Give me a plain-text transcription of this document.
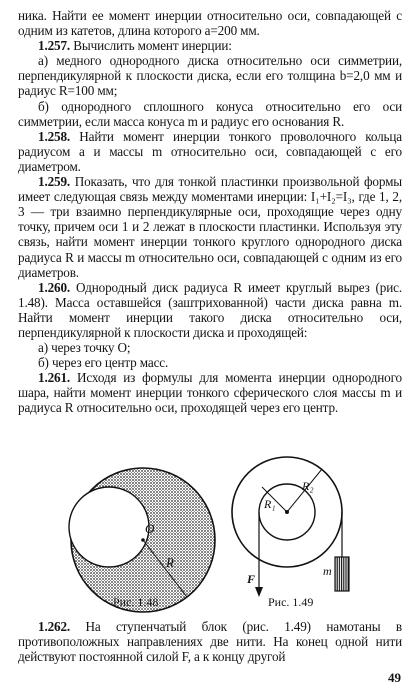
ника. Найти ее момент инерции относительно оси, совпадающей с одним из катетов, длина которого a=200 мм.

1.257. Вычислить момент инерции:

а) медного однородного диска относительно оси симметрии, перпендикулярной к плоскости диска, если его толщина b=2,0 мм и радиус R=100 мм;

б) однородного сплошного конуса относительно его оси симметрии, если масса конуса m и радиус его основания R.

1.258. Найти момент инерции тонкого проволочного кольца радиусом a и массы m относительно оси, совпадающей с его диаметром.

1.259. Показать, что для тонкой пластинки произвольной формы имеет следующая связь между моментами инерции: I₁+I₂=I₃, где 1, 2, 3 — три взаимно перпендикулярные оси, проходящие через одну точку, причем оси 1 и 2 лежат в плоскости пластинки. Используя эту связь, найти момент инерции тонкого круглого однородного диска радиуса R и массы m относительно оси, совпадающей с одним из его диаметров.

1.260. Однородный диск радиуса R имеет круглый вырез (рис. 1.48). Масса оставшейся (заштрихованной) части диска равна m. Найти момент инерции такого диска относительно оси, перпендикулярной к плоскости диска и проходящей:

а) через точку O;

б) через его центр масс.

1.261. Исходя из формулы для момента инерции однородного шара, найти момент инерции тонкого сферического слоя массы m и радиуса R относительно оси, проходящей через его центр.

O
R
R₁
R₂
F
m
Рис. 1.48	Рис. 1.49

1.262. На ступенчатый блок (рис. 1.49) намотаны в противоположных направлениях две нити. На конец одной нити действуют постоянной силой F, а к концу другой

49
